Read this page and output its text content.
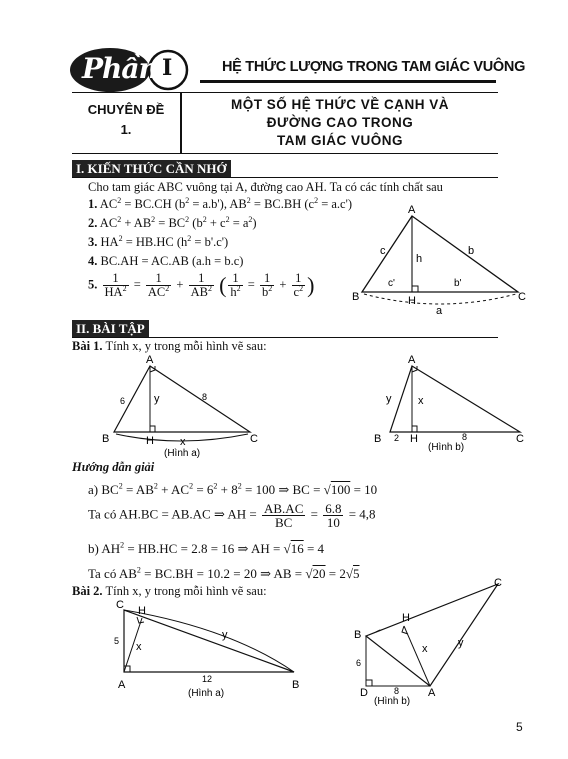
Phần I	HỆ THỨC LƯỢNG TRONG TAM GIÁC VUÔNG
CHUYÊN ĐỀ
1.
MỘT SỐ HỆ THỨC VỀ CẠNH VÀ
ĐƯỜNG CAO TRONG
TAM GIÁC VUÔNG
I. KIẾN THỨC CẦN NHỚ
Cho tam giác ABC vuông tại A, đường cao AH. Ta có các tính chất sau
1. $AC^2 = BC.CH$ $(b^2 = a.b')$, $AB^2 = BC.BH$ $(c^2 = a.c')$
2. $AC^2 + AB^2 = BC^2$ $(b^2 + c^2 = a^2)$
3. $HA^2 = HB.HC$ $(h^2 = b'.c')$
4. BC.AH = AC.AB (a.h = b.c)
5. $\frac{1}{HA^2} = \frac{1}{AC^2} + \frac{1}{AB^2}$ ( $\frac{1}{h^2} = \frac{1}{b^2} + \frac{1}{c^2}$ )
A
B	C
H
h
c	b
c'	b'
a
II. BÀI TẬP
Bài 1. Tính x, y trong mỗi hình vẽ sau:
A
B	C
H
6	8
y
x
(Hình a)
A
B	C
H
2	8
y x
(Hình b)
Hướng dẫn giải
a) $BC^2 = AB^2 + AC^2 = 6^2 + 8^2 = 100$ ⇒ BC = √100 = 10
Ta có AH.BC = AB.AC ⇒ AH = $\frac{AB.AC}{BC} = \frac{6.8}{10} = 4,8$
b) $AH^2 = HB.HC = 2.8 = 16$ ⇒ AH = √16 = 4
Ta có $AB^2 = BC.BH = 10.2 = 20$ ⇒ AB = √20 = 2√5
Bài 2. Tính x, y trong mỗi hình vẽ sau:
C H
A	B
5
12
x
y
(Hình a)
C
H
B
D	A
6
8
x	y
(Hình b)
5
